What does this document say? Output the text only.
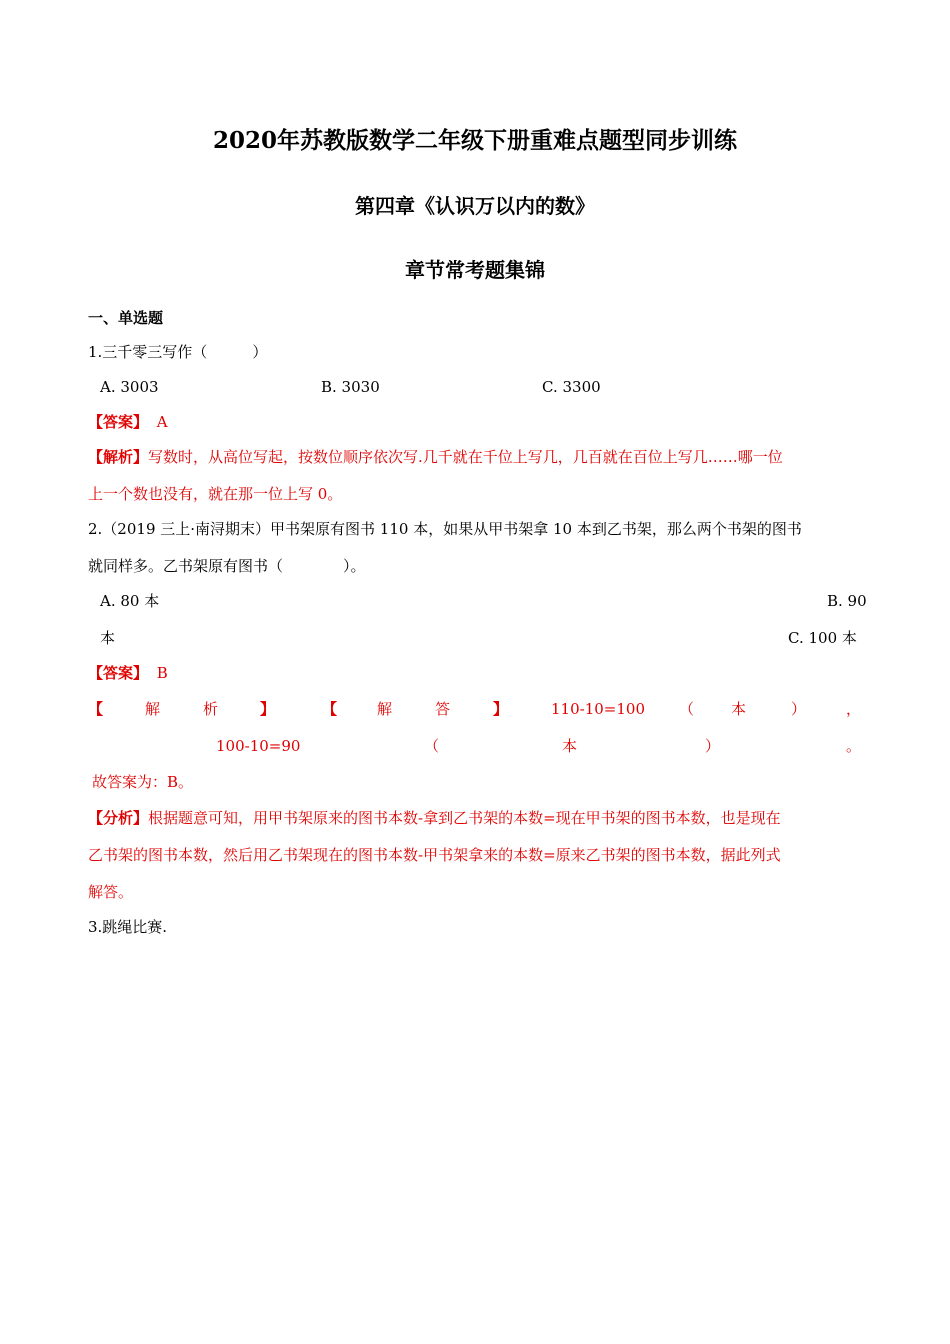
2020年苏教版数学二年级下册重难点题型同步训练
第四章《认识万以内的数》
章节常考题集锦
一、单选题
1.三千零三写作（　　　）
A. 3003	B. 3030	C. 3300
【答案】 A
【解析】写数时，从高位写起，按数位顺序依次写.几千就在千位上写几，几百就在百位上写几……哪一位
上一个数也没有，就在那一位上写 0。
2.（2019 三上·南浔期末）甲书架原有图书 110 本，如果从甲书架拿 10 本到乙书架，那么两个书架的图书
就同样多。乙书架原有图书（　　　　）。
A. 80 本	B. 90
本	C. 100 本
【答案】 B
【	解	析	】	【	解	答	】	110-10=100 （ 本	）	，
100-10=90	（	本	）	。
故答案为：B。
【分析】根据题意可知，用甲书架原来的图书本数-拿到乙书架的本数=现在甲书架的图书本数，也是现在
乙书架的图书本数，然后用乙书架现在的图书本数-甲书架拿来的本数=原来乙书架的图书本数，据此列式
解答。
3.跳绳比赛.
